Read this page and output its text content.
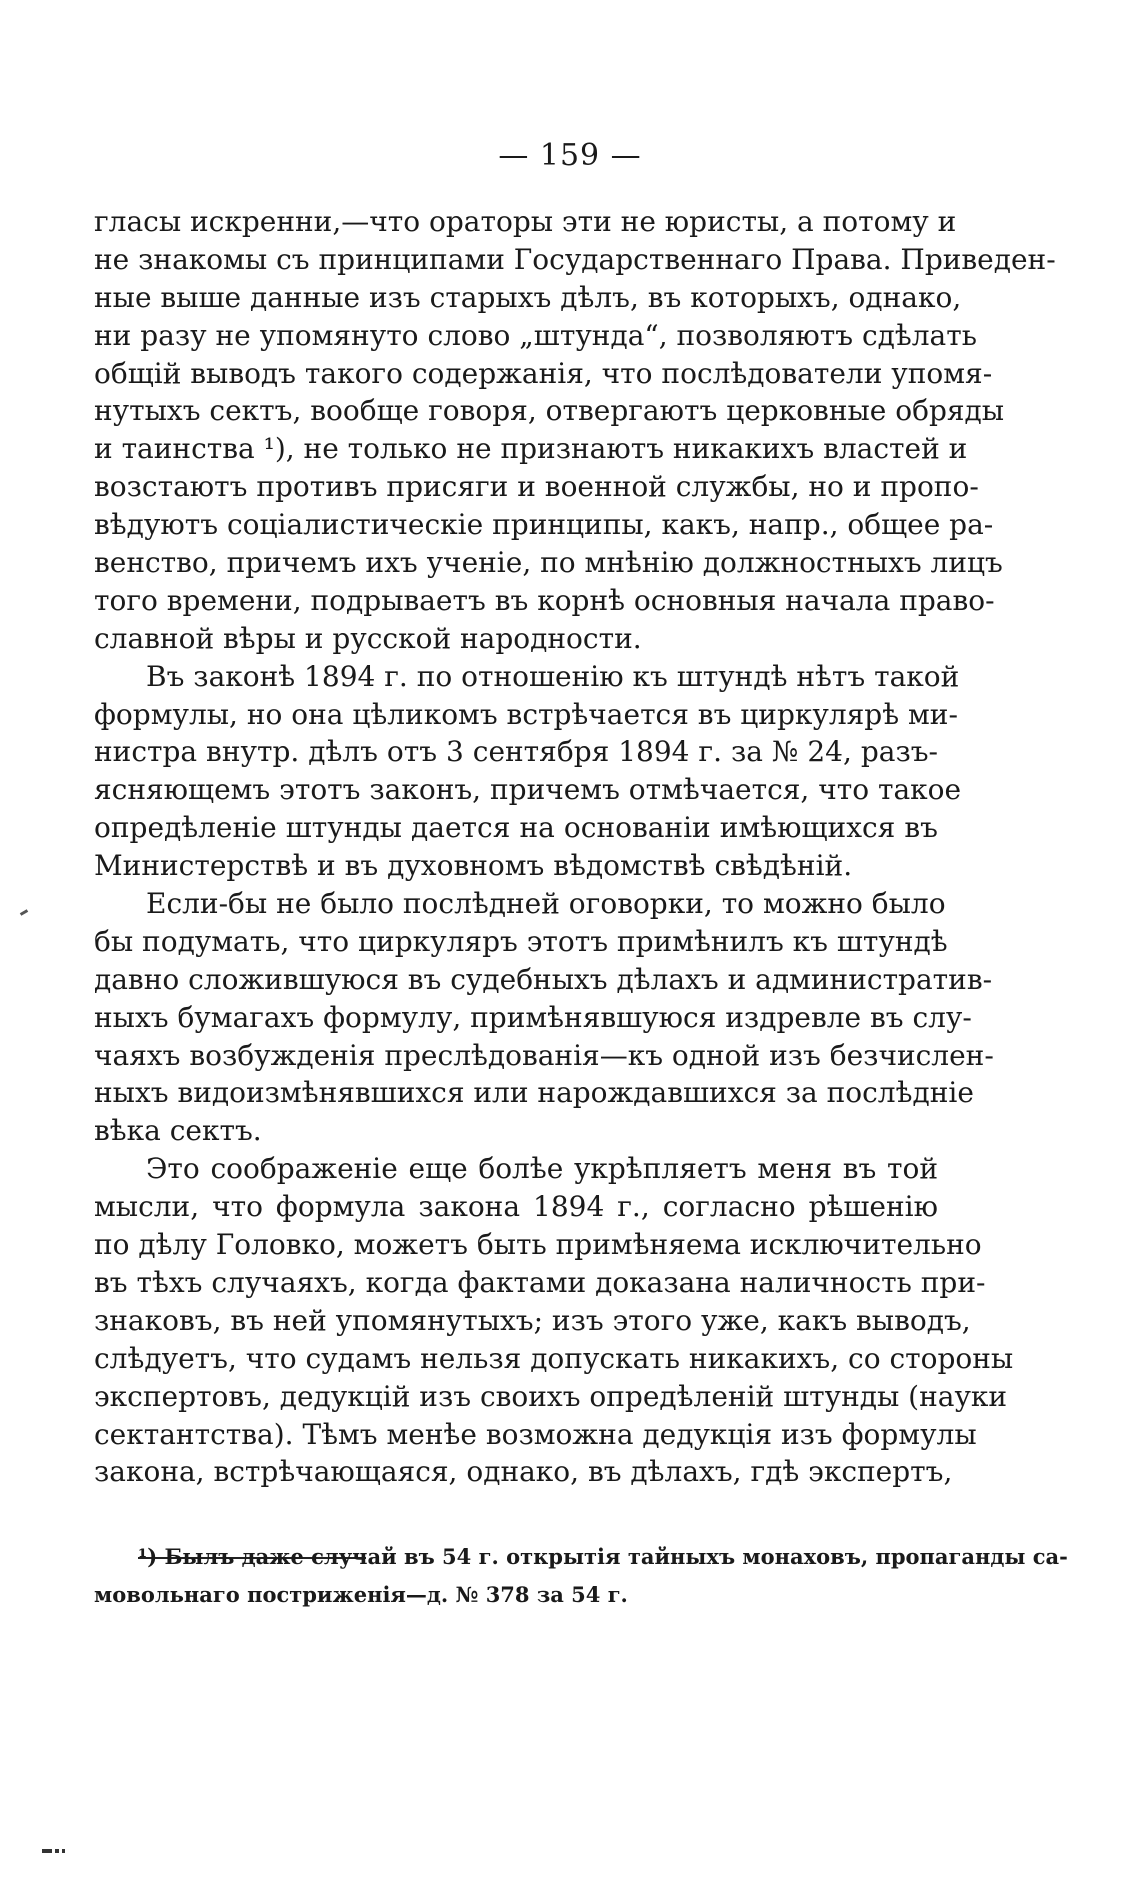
— 159 —
гласы искренни,—что ораторы эти не юристы, а потому и
не знакомы съ принципами Государственнаго Права. Приведен-
ные выше данные изъ старыхъ дѣлъ, въ которыхъ, однако,
ни разу не упомянуто слово „штунда“, позволяютъ сдѣлать
общій выводъ такого содержанія, что послѣдователи упомя-
нутыхъ сектъ, вообще говоря, отвергаютъ церковные обряды
и таинства ¹), не только не признаютъ никакихъ властей и
возстаютъ противъ присяги и военной службы, но и пропо-
вѣдуютъ соціалистическіе принципы, какъ, напр., общее ра-
венство, причемъ ихъ ученіе, по мнѣнію должностныхъ лицъ
того времени, подрываетъ въ корнѣ основныя начала право-
славной вѣры и русской народности.
Въ законѣ 1894 г. по отношенію къ штундѣ нѣтъ такой
формулы, но она цѣликомъ встрѣчается въ циркулярѣ ми-
нистра внутр. дѣлъ отъ 3 сентября 1894 г. за № 24, разъ-
ясняющемъ этотъ законъ, причемъ отмѣчается, что такое
опредѣленіе штунды дается на основаніи имѣющихся въ
Министерствѣ и въ духовномъ вѣдомствѣ свѣдѣній.
Если-бы не было послѣдней оговорки, то можно было
бы подумать, что циркуляръ этотъ примѣнилъ къ штундѣ
давно сложившуюся въ судебныхъ дѣлахъ и административ-
ныхъ бумагахъ формулу, примѣнявшуюся издревле въ слу-
чаяхъ возбужденія преслѣдованія—къ одной изъ безчислен-
ныхъ видоизмѣнявшихся или нарождавшихся за послѣдніе
вѣка сектъ.
Это соображеніе еще болѣе укрѣпляетъ меня въ той
мысли, что формула закона 1894 г., согласно рѣшенію
по дѣлу Головко, можетъ быть примѣняема исключительно
въ тѣхъ случаяхъ, когда фактами доказана наличность при-
знаковъ, въ ней упомянутыхъ; изъ этого уже, какъ выводъ,
слѣдуетъ, что судамъ нельзя допускать никакихъ, со стороны
экспертовъ, дедукцій изъ своихъ опредѣленій штунды (науки
сектантства). Тѣмъ менѣе возможна дедукція изъ формулы
закона, встрѣчающаяся, однако, въ дѣлахъ, гдѣ экспертъ,
¹) Былъ даже случай въ 54 г. открытія тайныхъ монаховъ, пропаганды са-
мовольнаго постриженія—д. № 378 за 54 г.
